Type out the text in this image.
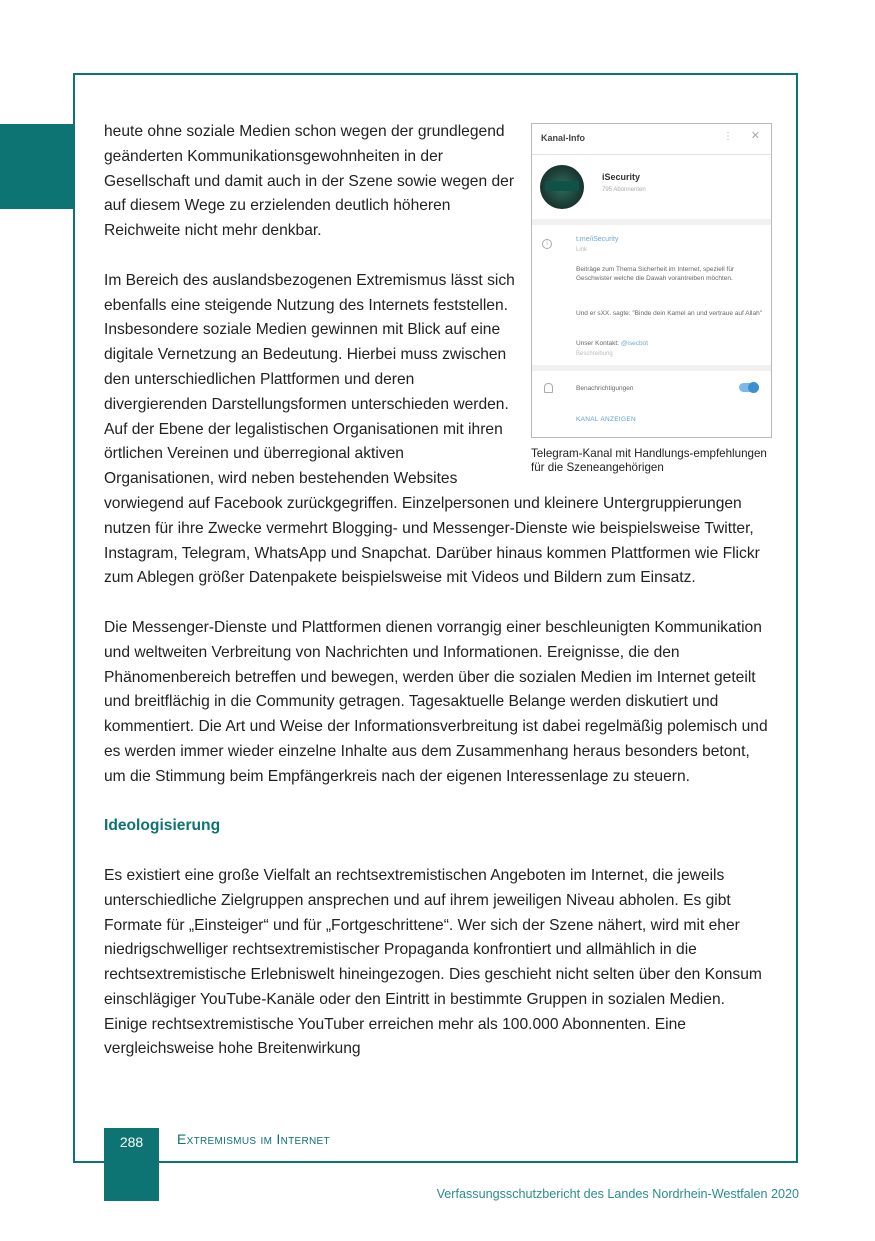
Kanal-Info	⋮ ✕
iSecurity
795 Abonnenten
i
t.me/iSecurity
Link
Beiträge zum Thema Sicherheit im Internet, speziell für Geschwister welche die Dawah vorantreiben möchten.
Und er sXX. sagte: "Binde dein Kamel an und vertraue auf Allah"
Unser Kontakt: @isecbot
Beschreibung
Benachrichtigungen
KANAL ANZEIGEN
Telegram-Kanal mit Handlungs-empfehlungen für die Szeneangehörigen

heute ohne soziale Medien schon wegen der grundlegend geänderten Kommunikationsgewohnheiten in der Gesellschaft und damit auch in der Szene sowie wegen der auf diesem Wege zu erzielenden deutlich höheren Reichweite nicht mehr denkbar.

Im Bereich des auslandsbezogenen Extremismus lässt sich ebenfalls eine steigende Nutzung des Internets feststellen. Insbesondere soziale Medien gewinnen mit Blick auf eine digitale Vernetzung an Bedeutung. Hierbei muss zwischen den unterschiedlichen Plattformen und deren divergierenden Darstellungsformen unterschieden werden. Auf der Ebene der legalistischen Organisationen mit ihren örtlichen Vereinen und überregional aktiven Organisationen, wird neben bestehenden Websites vorwiegend auf Facebook zurückgegriffen. Einzelpersonen und kleinere Untergruppierungen nutzen für ihre Zwecke vermehrt Blogging- und Messenger-Dienste wie beispielsweise Twitter, Instagram, Telegram, WhatsApp und Snapchat. Darüber hinaus kommen Plattformen wie Flickr zum Ablegen größer Datenpakete beispielsweise mit Videos und Bildern zum Einsatz.

Die Messenger-Dienste und Plattformen dienen vorrangig einer beschleunigten Kommunikation und weltweiten Verbreitung von Nachrichten und Informationen. Ereignisse, die den Phänomenbereich betreffen und bewegen, werden über die sozialen Medien im Internet geteilt und breitflächig in die Community getragen. Tagesaktuelle Belange werden diskutiert und kommentiert. Die Art und Weise der Informationsverbreitung ist dabei regelmäßig polemisch und es werden immer wieder einzelne Inhalte aus dem Zusammenhang heraus besonders betont, um die Stimmung beim Empfängerkreis nach der eigenen Interessenlage zu steuern.

Ideologisierung

Es existiert eine große Vielfalt an rechtsextremistischen Angeboten im Internet, die jeweils unterschiedliche Zielgruppen ansprechen und auf ihrem jeweiligen Niveau abholen. Es gibt Formate für „Einsteiger“ und für „Fortgeschrittene“. Wer sich der Szene nähert, wird mit eher niedrigschwelliger rechtsextremistischer Propaganda konfrontiert und allmählich in die rechtsextremistische Erlebniswelt hineingezogen. Dies geschieht nicht selten über den Konsum einschlägiger YouTube-Kanäle oder den Eintritt in bestimmte Gruppen in sozialen Medien. Einige rechtsextremistische YouTuber erreichen mehr als 100.000 Abonnenten. Eine vergleichsweise hohe Breitenwirkung

288	Extremismus im Internet
Verfassungsschutzbericht des Landes Nordrhein-Westfalen 2020
